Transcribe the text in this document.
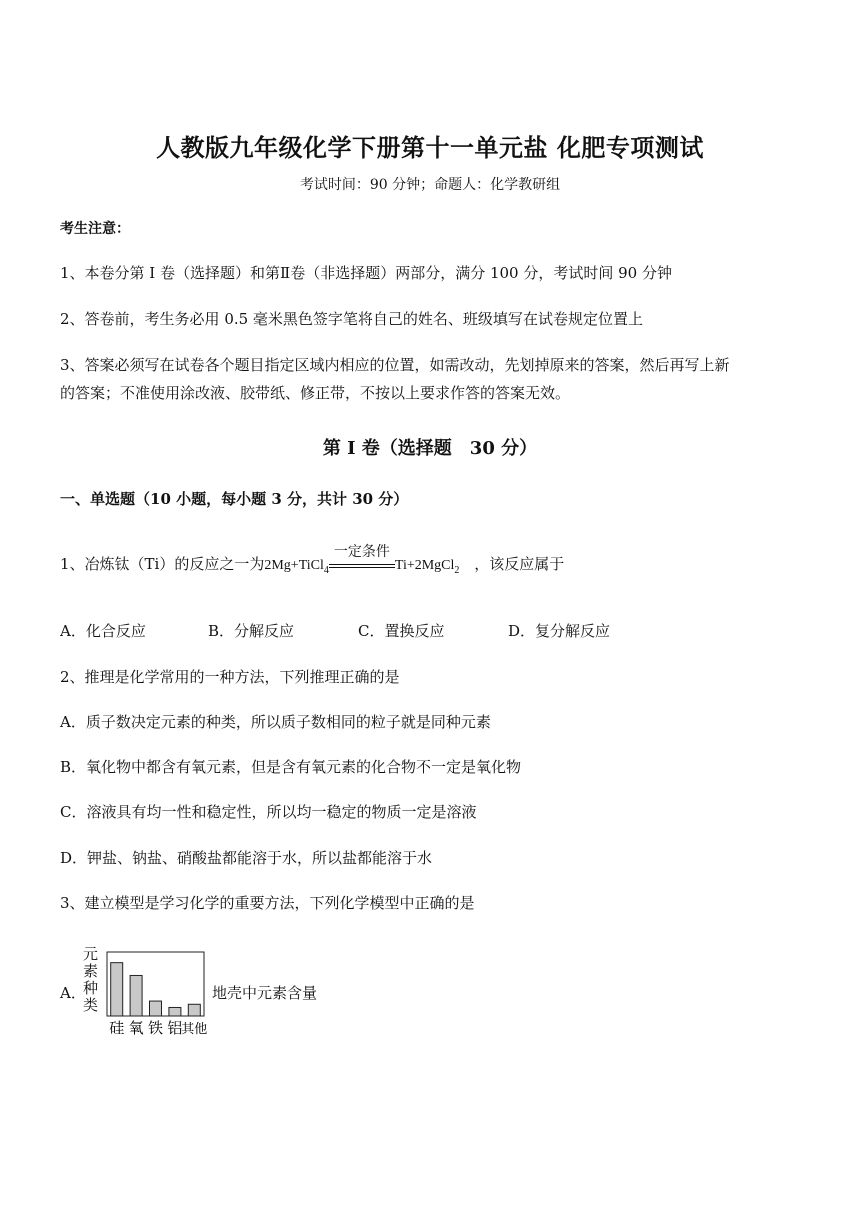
人教版九年级化学下册第十一单元盐 化肥专项测试
考试时间：90 分钟；命题人：化学教研组
考生注意：
1、本卷分第 I 卷（选择题）和第Ⅱ卷（非选择题）两部分，满分 100 分，考试时间 90 分钟
2、答卷前，考生务必用 0.5 毫米黑色签字笔将自己的姓名、班级填写在试卷规定位置上
3、答案必须写在试卷各个题目指定区域内相应的位置，如需改动，先划掉原来的答案，然后再写上新
的答案；不准使用涂改液、胶带纸、修正带，不按以上要求作答的答案无效。
第 I 卷（选择题　30 分）
一、单选题（10 小题，每小题 3 分，共计 30 分）
1、冶炼钛（Ti）的反应之一为2Mg+TiCl$_4$
一定条件
Ti+2MgCl$_2$ ，该反应属于
A．化合反应	B．分解反应	C．置换反应	D．复分解反应
2、推理是化学常用的一种方法，下列推理正确的是
A．质子数决定元素的种类，所以质子数相同的粒子就是同种元素
B．氧化物中都含有氧元素，但是含有氧元素的化合物不一定是氧化物
C．溶液具有均一性和稳定性，所以均一稳定的物质一定是溶液
D．钾盐、钠盐、硝酸盐都能溶于水，所以盐都能溶于水
3、建立模型是学习化学的重要方法，下列化学模型中正确的是
A．
元素种类
硅 氧 铁 铝
其他
地壳中元素含量
